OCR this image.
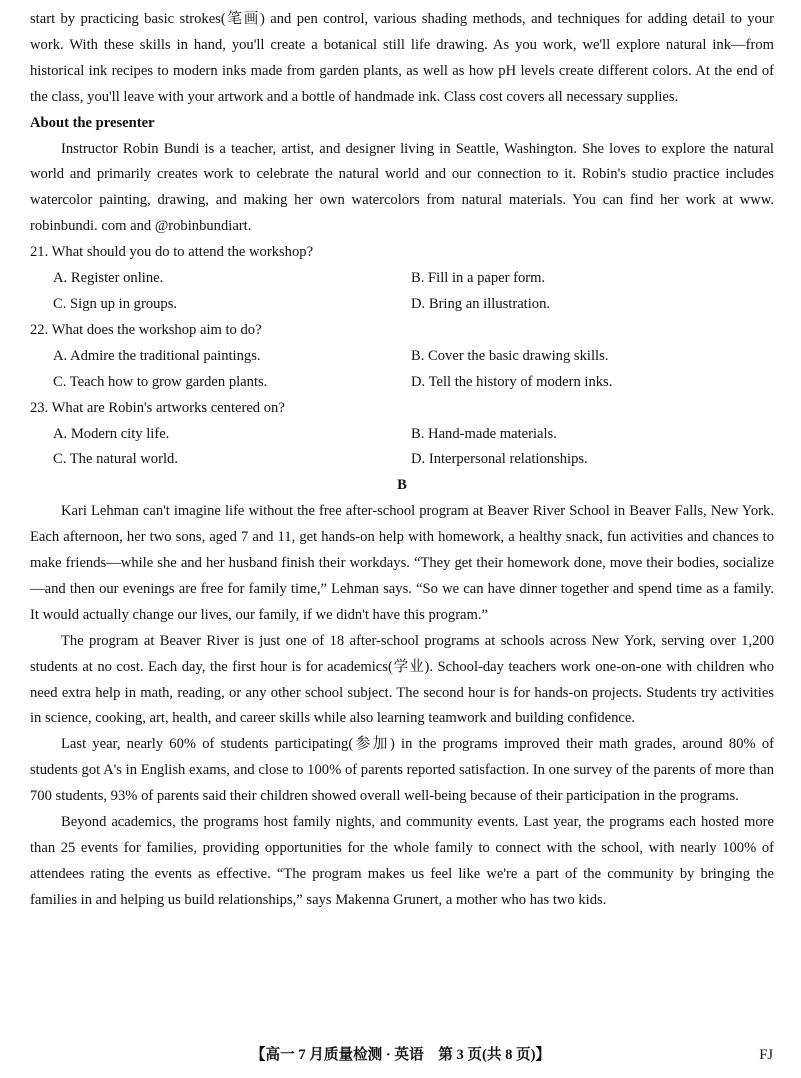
start by practicing basic strokes(笔画) and pen control, various shading methods, and techniques for adding detail to your work. With these skills in hand, you'll create a botanical still life drawing. As you work, we'll explore natural ink—from historical ink recipes to modern inks made from garden plants, as well as how pH levels create different colors. At the end of the class, you'll leave with your artwork and a bottle of handmade ink. Class cost covers all necessary supplies.

About the presenter

Instructor Robin Bundi is a teacher, artist, and designer living in Seattle, Washington. She loves to explore the natural world and primarily creates work to celebrate the natural world and our connection to it. Robin's studio practice includes watercolor painting, drawing, and making her own watercolors from natural materials. You can find her work at www. robinbundi. com and @robinbundiart.

21. What should you do to attend the workshop?
A. Register online.	B. Fill in a paper form.
C. Sign up in groups.	D. Bring an illustration.
22. What does the workshop aim to do?
A. Admire the traditional paintings.	B. Cover the basic drawing skills.
C. Teach how to grow garden plants.	D. Tell the history of modern inks.
23. What are Robin's artworks centered on?
A. Modern city life.	B. Hand-made materials.
C. The natural world.	D. Interpersonal relationships.
B

Kari Lehman can't imagine life without the free after-school program at Beaver River School in Beaver Falls, New York. Each afternoon, her two sons, aged 7 and 11, get hands-on help with homework, a healthy snack, fun activities and chances to make friends—while she and her husband finish their workdays. “They get their homework done, move their bodies, socialize—and then our evenings are free for family time,” Lehman says. “So we can have dinner together and spend time as a family. It would actually change our lives, our family, if we didn't have this program.”

The program at Beaver River is just one of 18 after-school programs at schools across New York, serving over 1,200 students at no cost. Each day, the first hour is for academics(学业). School-day teachers work one-on-one with children who need extra help in math, reading, or any other school subject. The second hour is for hands-on projects. Students try activities in science, cooking, art, health, and career skills while also learning teamwork and building confidence.

Last year, nearly 60% of students participating(参加) in the programs improved their math grades, around 80% of students got A's in English exams, and close to 100% of parents reported satisfaction. In one survey of the parents of more than 700 students, 93% of parents said their children showed overall well-being because of their participation in the programs.

Beyond academics, the programs host family nights, and community events. Last year, the programs each hosted more than 25 events for families, providing opportunities for the whole family to connect with the school, with nearly 100% of attendees rating the events as effective. “The program makes us feel like we're a part of the community by bringing the families in and helping us build relationships,” says Makenna Grunert, a mother who has two kids.

【高一 7 月质量检测 · 英语　第 3 页(共 8 页)】	FJ
